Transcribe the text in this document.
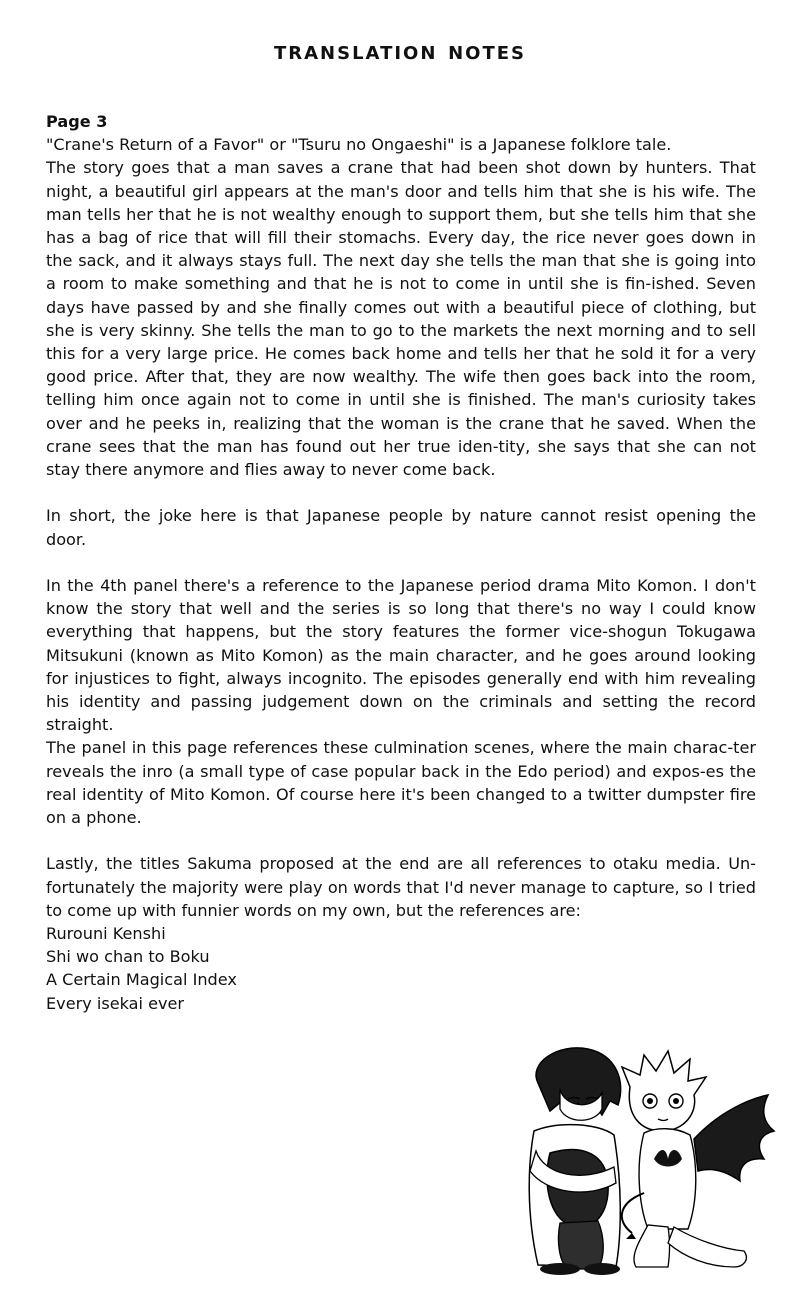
translation notes

Page 3

"Crane's Return of a Favor" or "Tsuru no Ongaeshi" is a Japanese folklore tale.

The story goes that a man saves a crane that had been shot down by hunters. That night, a beautiful girl appears at the man's door and tells him that she is his wife. The man tells her that he is not wealthy enough to support them, but she tells him that she has a bag of rice that will fill their stomachs. Every day, the rice never goes down in the sack, and it always stays full. The next day she tells the man that she is going into a room to make something and that he is not to come in until she is fin-ished. Seven days have passed by and she finally comes out with a beautiful piece of clothing, but she is very skinny. She tells the man to go to the markets the next morning and to sell this for a very large price. He comes back home and tells her that he sold it for a very good price. After that, they are now wealthy. The wife then goes back into the room, telling him once again not to come in until she is finished. The man's curiosity takes over and he peeks in, realizing that the woman is the crane that he saved. When the crane sees that the man has found out her true iden-tity, she says that she can not stay there anymore and flies away to never come back.

In short, the joke here is that Japanese people by nature cannot resist opening the door.

In the 4th panel there's a reference to the Japanese period drama Mito Komon. I don't know the story that well and the series is so long that there's no way I could know everything that happens, but the story features the former vice-shogun Tokugawa Mitsukuni (known as Mito Komon) as the main character, and he goes around looking for injustices to fight, always incognito. The episodes generally end with him revealing his identity and passing judgement down on the criminals and setting the record straight.

The panel in this page references these culmination scenes, where the main charac-ter reveals the inro (a small type of case popular back in the Edo period) and expos-es the real identity of Mito Komon. Of course here it's been changed to a twitter dumpster fire on a phone.

Lastly, the titles Sakuma proposed at the end are all references to otaku media. Un-fortunately the majority were play on words that I'd never manage to capture, so I tried to come up with funnier words on my own, but the references are:

Rurouni Kenshi
Shi wo chan to Boku
A Certain Magical Index
Every isekai ever
